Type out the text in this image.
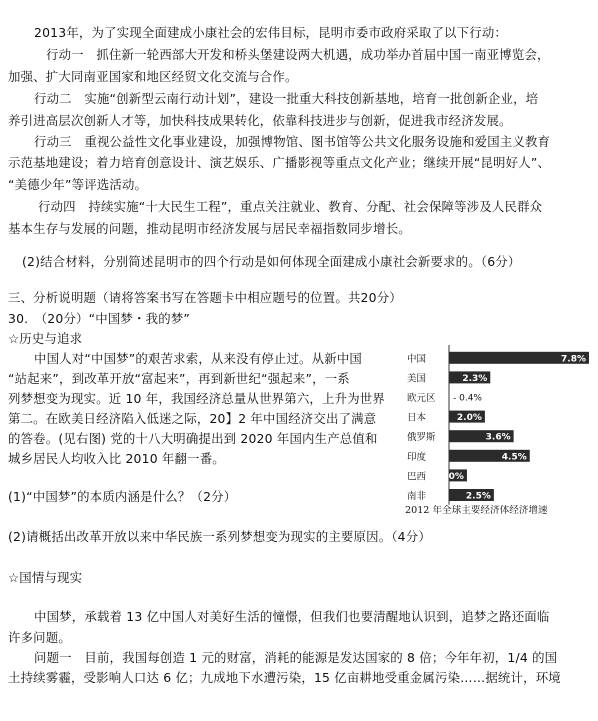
2013年，为了实现全面建成小康社会的宏伟目标，昆明市委市政府采取了以下行动：
行动一　抓住新一轮西部大开发和桥头堡建设两大机遇，成功举办首届中国一南亚博览会，
加强、扩大同南亚国家和地区经贸文化交流与合作。
行动二　实施“创新型云南行动计划”，建设一批重大科技创新基地，培育一批创新企业，培
养引进高层次创新人才等，加快科技成果转化，依靠科技进步与创新，促进我市经济发展。
行动三　重视公益性文化事业建设，加强博物馆、图书馆等公共文化服务设施和爱国主义教育
示范基地建设；着力培育创意设计、演艺娱乐、广播影视等重点文化产业；继续开展“昆明好人”、
“美德少年”等评选活动。
行动四　持续实施“十大民生工程”，重点关注就业、教育、分配、社会保障等涉及人民群众
基本生存与发展的问题，推动昆明市经济发展与居民幸福指数同步增长。
(2)结合材料，分别简述昆明市的四个行动是如何体现全面建成小康社会新要求的。（6分）
三、分析说明题（请将答案书写在答题卡中相应题号的位置。共20分）
30.　（20分）“中国梦・我的梦”
☆历史与追求
中国人对“中国梦”的艰苦求索，从来没有停止过。从新中国
“站起来”，到改革开放“富起来”，再到新世纪“强起来”，一系
列梦想变为现实。近 10 年，我国经济总量从世界第六，上升为世界
第二。在欧美日经济陷入低迷之际，20】2 年中国经济交出了满意
的答卷。(见右图) 党的十八大明确提出到 2020 年国内生产总值和
城乡居民人均收入比 2010 年翻一番。
中国	7.8%
美国	2.3%
欧元区 - 0.4%
日本	2.0%
俄罗斯	3.6%
印度	4.5%
巴西 1.0%
南非	2.5%
2012 年全球主要经济体经济增速
(1)“中国梦”的本质内涵是什么？（2分）
(2)请概括出改革开放以来中华民族一系列梦想变为现实的主要原因。（4分）
☆国情与现实
中国梦，承载着 13 亿中国人对美好生活的憧憬，但我们也要清醒地认识到，追梦之路还面临
许多问题。
问题一　目前，我国每创造 1 元的财富，消耗的能源是发达国家的 8 倍；今年年初，1/4 的国
土持续雾霾，受影响人口达 6 亿；九成地下水遭污染，15 亿亩耕地受重金属污染……据统计，环境
